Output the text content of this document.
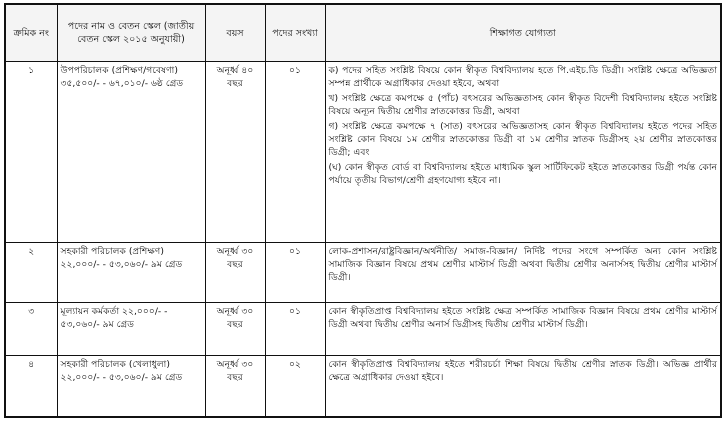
ক্রমিক নং	পদের নাম ও বেতন স্কেল (জাতীয় বেতন স্কেল ২০১৫ অনুযায়ী)	বয়স	পদের সংখ্যা	শিক্ষাগত যোগ্যতা
১	উপপরিচালক (প্রশিক্ষণ/গবেষণা) ৩৫,৫০০/- - ৬৭,০১০/- ৬ষ্ঠ গ্রেড	অনূর্ধ্ব ৪০ বছর	০১	ক) পদের সহিত সংশ্লিষ্ট বিষয়ে কোন স্বীকৃত বিশ্ববিদ্যালয় হতে পি.এইচ.ডি ডিগ্রী। সংশ্লিষ্ট ক্ষেত্রে অভিজ্ঞতা সম্পন্ন প্রার্থীকে অগ্রাধিকার দেওয়া হইবে, অথবা
খ) সংশ্লিষ্ট ক্ষেত্রে কমপক্ষে ৫ (পাঁচ) বৎসরের অভিজ্ঞতাসহ কোন স্বীকৃত বিদেশী বিশ্ববিদ্যালয় হইতে সংশ্লিষ্ট বিষয়ে অন্যূন দ্বিতীয় শ্রেণীর স্নাতকোত্তর ডিগ্রী, অথবা
গ) সংশ্লিষ্ট ক্ষেত্রে কমপক্ষে ৭ (সাত) বৎসরের অভিজ্ঞতাসহ কোন স্বীকৃত বিশ্ববিদ্যালয় হইতে পদের সহিত সংশ্লিষ্ট কোন বিষয়ে ১ম শ্রেণীর স্নাতকোত্তর ডিগ্রী বা ১ম শ্রেণীর স্নাতক ডিগ্রীসহ ২য় শ্রেণীর স্নাতকোত্তর ডিগ্রী; এবং
(ঘ) কোন স্বীকৃত বোর্ড বা বিশ্ববিদ্যালয় হইতে মাধ্যমিক স্কুল সার্টিফিকেট হইতে স্নাতকোত্তর ডিগ্রী পর্যন্ত কোন পর্যায়ে তৃতীয় বিভাগ/শ্রেণী গ্রহণযোগ্য হইবে না।

২	সহকারী পরিচালক (প্রশিক্ষণ) ২২,০০০/- - ৫৩,০৬০/- ৯ম গ্রেড	অনূর্ধ্ব ৩০ বছর	০১	লোক-প্রশাসন/রাষ্ট্রবিজ্ঞান/অর্থনীতি/ সমাজ-বিজ্ঞান/ নির্দিষ্ট পদের সংগে সম্পর্কিত অন্য কোন সংশ্লিষ্ট সামাজিক বিজ্ঞান বিষয়ে প্রথম শ্রেণীর মাস্টার্স ডিগ্রী অথবা দ্বিতীয় শ্রেণীর অনার্সসহ দ্বিতীয় শ্রেণীর মাস্টার্স ডিগ্রী।
৩	মূল্যায়ন কর্মকর্তা ২২,০০০/- - ৫৩,০৬০/- ৯ম গ্রেড	অনূর্ধ্ব ৩০ বছর	০১	কোন স্বীকৃতিপ্রাপ্ত বিশ্ববিদ্যালয় হইতে সংশ্লিষ্ট ক্ষেত্র সম্পর্কিত সামাজিক বিজ্ঞান বিষয়ে প্রথম শ্রেণীর মাস্টার্স ডিগ্রী অথবা দ্বিতীয় শ্রেণীর অনার্স ডিগ্রীসহ দ্বিতীয় শ্রেণীর মাস্টার্স ডিগ্রী।
৪	সহকারী পরিচালক (খেলাধুলা) ২২,০০০/- - ৫৩,০৬০/- ৯ম গ্রেড	অনূর্ধ্ব ৩০ বছর	০২	কোন স্বীকৃতিপ্রাপ্ত বিশ্ববিদ্যালয় হইতে শরীরচর্চা শিক্ষা বিষয়ে দ্বিতীয় শ্রেণীর স্নাতক ডিগ্রী। অভিজ্ঞ প্রার্থীর ক্ষেত্রে অগ্রাধিকার দেওয়া হইবে।
